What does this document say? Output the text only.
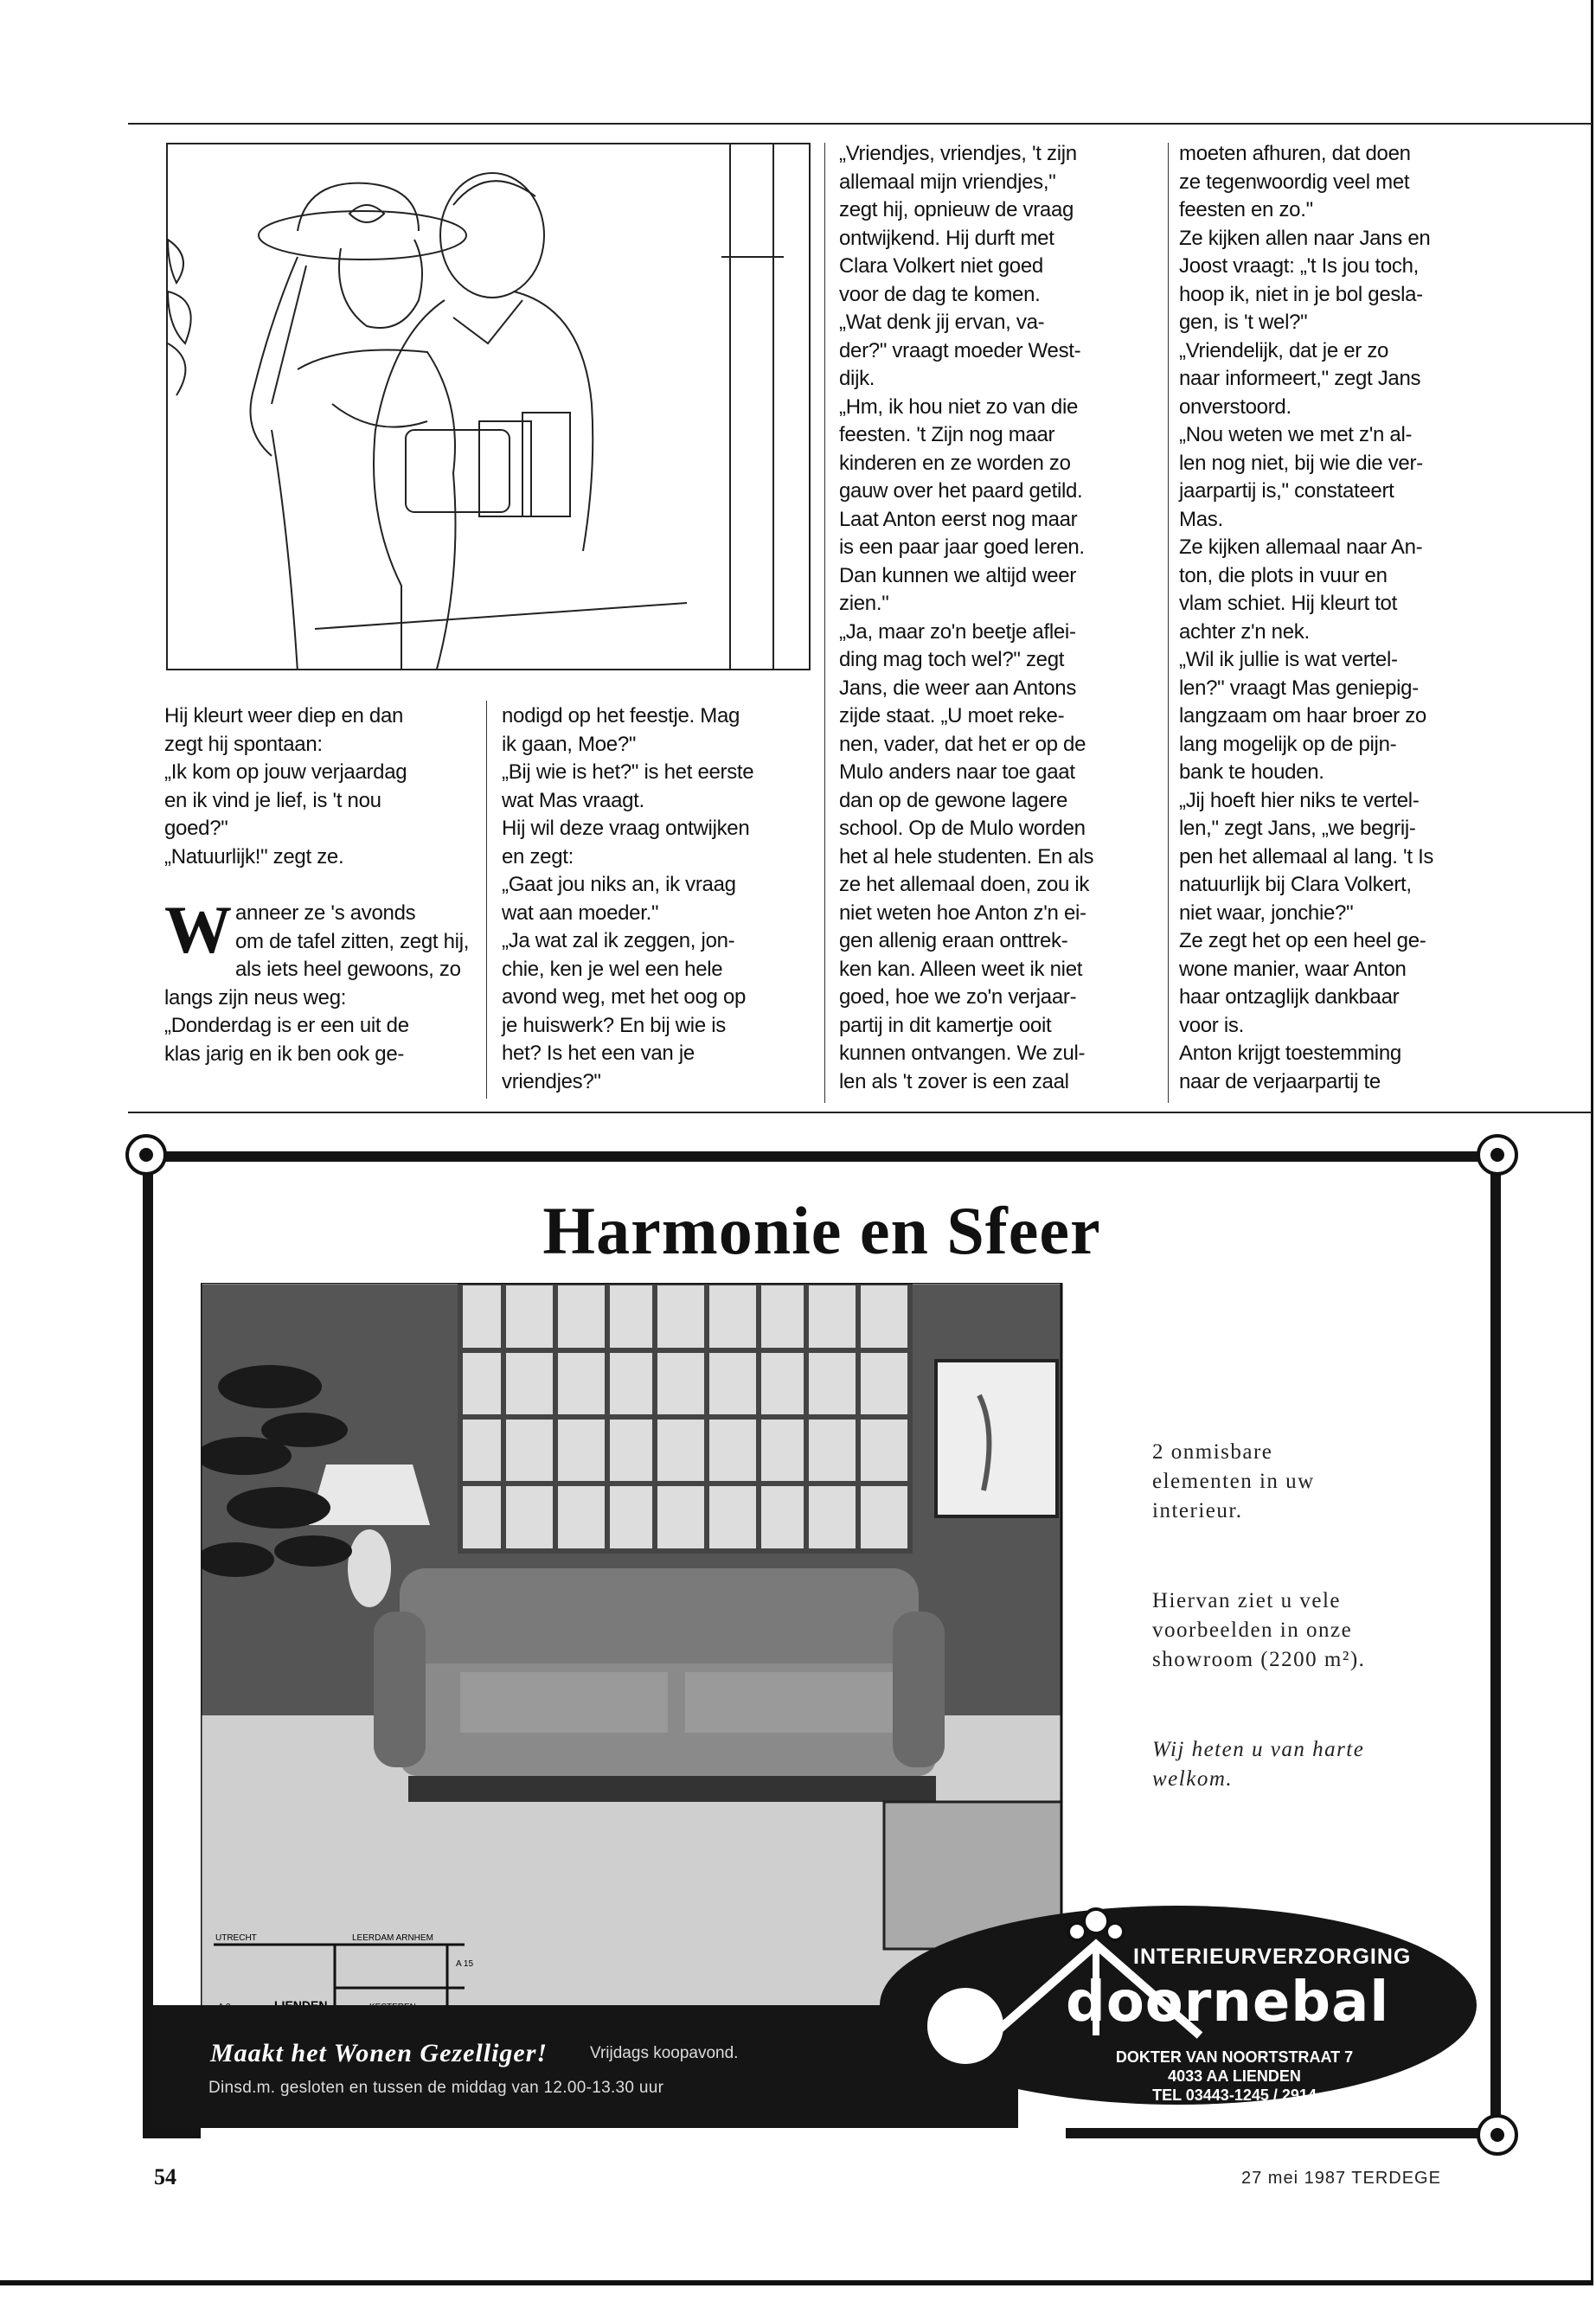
Hij kleurt weer diep en dan
zegt hij spontaan:
„Ik kom op jouw verjaardag
en ik vind je lief, is 't nou
goed?"
„Natuurlijk!" zegt ze.
W anneer ze 's avonds
om de tafel zitten, zegt hij,
als iets heel gewoons, zo
langs zijn neus weg:
„Donderdag is er een uit de
klas jarig en ik ben ook ge-
nodigd op het feestje. Mag
ik gaan, Moe?"
„Bij wie is het?" is het eerste
wat Mas vraagt.
Hij wil deze vraag ontwijken
en zegt:
„Gaat jou niks an, ik vraag
wat aan moeder."
„Ja wat zal ik zeggen, jon-
chie, ken je wel een hele
avond weg, met het oog op
je huiswerk? En bij wie is
het? Is het een van je
vriendjes?"
„Vriendjes, vriendjes, 't zijn
allemaal mijn vriendjes,"
zegt hij, opnieuw de vraag
ontwijkend. Hij durft met
Clara Volkert niet goed
voor de dag te komen.
„Wat denk jij ervan, va-
der?" vraagt moeder West-
dijk.
„Hm, ik hou niet zo van die
feesten. 't Zijn nog maar
kinderen en ze worden zo
gauw over het paard getild.
Laat Anton eerst nog maar
is een paar jaar goed leren.
Dan kunnen we altijd weer
zien."
„Ja, maar zo'n beetje aflei-
ding mag toch wel?" zegt
Jans, die weer aan Antons
zijde staat. „U moet reke-
nen, vader, dat het er op de
Mulo anders naar toe gaat
dan op de gewone lagere
school. Op de Mulo worden
het al hele studenten. En als
ze het allemaal doen, zou ik
niet weten hoe Anton z'n ei-
gen allenig eraan onttrek-
ken kan. Alleen weet ik niet
goed, hoe we zo'n verjaar-
partij in dit kamertje ooit
kunnen ontvangen. We zul-
len als 't zover is een zaal
moeten afhuren, dat doen
ze tegenwoordig veel met
feesten en zo."
Ze kijken allen naar Jans en
Joost vraagt: „'t Is jou toch,
hoop ik, niet in je bol gesla-
gen, is 't wel?"
„Vriendelijk, dat je er zo
naar informeert," zegt Jans
onverstoord.
„Nou weten we met z'n al-
len nog niet, bij wie die ver-
jaarpartij is," constateert
Mas.
Ze kijken allemaal naar An-
ton, die plots in vuur en
vlam schiet. Hij kleurt tot
achter z'n nek.
„Wil ik jullie is wat vertel-
len?" vraagt Mas geniepig-
langzaam om haar broer zo
lang mogelijk op de pijn-
bank te houden.
„Jij hoeft hier niks te vertel-
len," zegt Jans, „we begrij-
pen het allemaal al lang. 't Is
natuurlijk bij Clara Volkert,
niet waar, jonchie?"
Ze zegt het op een heel ge-
wone manier, waar Anton
haar ontzaglijk dankbaar
voor is.
Anton krijgt toestemming
naar de verjaarpartij te
Harmonie en Sfeer

2 onmisbare
elementen in uw
interieur.

Hiervan ziet u vele
voorbeelden in onze
showroom (2200 m²).

Wij heten u van harte
welkom.

UTRECHT	LEERDAM ARNHEM
A 15
Maakt het Wonen Gezelliger!	Vrijdags koopavond.
Dinsd.m. gesloten en tussen de middag van 12.00-13.30 uur
INTERIEURVERZORGING
doornebal
DOKTER VAN NOORTSTRAAT 7
4033 AA LIENDEN
TEL 03443-1245 / 2914
54	27 mei 1987 TERDEGE
